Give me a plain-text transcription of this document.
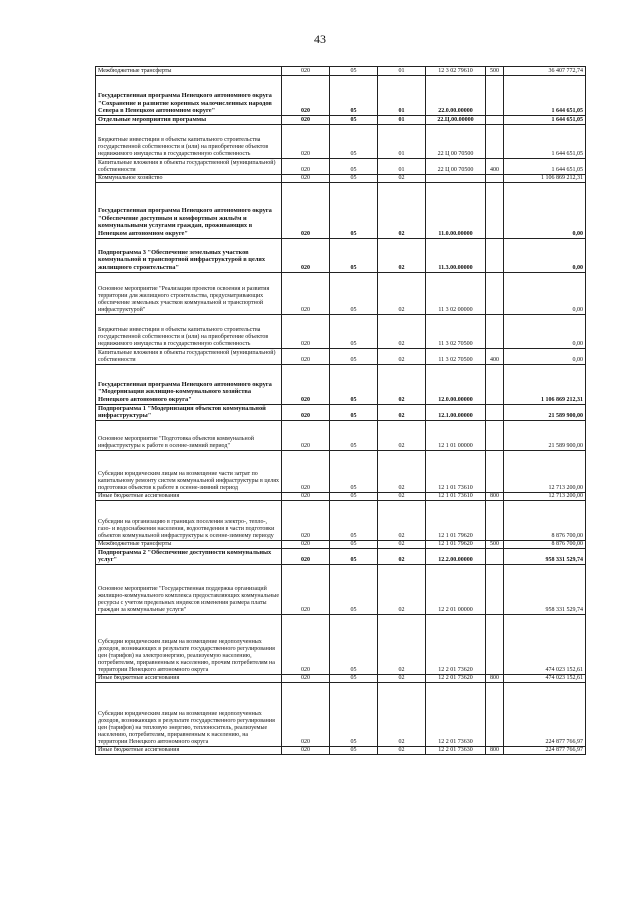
43
Межбюджетные трансферты	020	05	01	12 3 02 79610	500	36 407 772,74
Государственная программа Ненецкого автономного округа "Сохранение и развитие коренных малочисленных народов Севера в Ненецком автономном округе"	020	05	01	22.0.00.00000		1 644 651,05
Отдельные мероприятия программы	020	05	01	22.Ц.00.00000		1 644 651,05
Бюджетные инвестиции в объекты капитального строительства государственной собственности и (или) на приобретение объектов недвижимого имущества в государственную собственность	020	05	01	22 Ц 00 70500		1 644 651,05
Капитальные вложения в объекты государственной (муниципальной) собственности	020	05	01	22 Ц 00 70500	400	1 644 651,05
Коммунальное хозяйство	020	05	02			1 106 869 212,31
Государственная программа Ненецкого автономного округа "Обеспечение доступным и комфортным жильём и коммунальными услугами граждан, проживающих в Ненецком автономном округе"	020	05	02	11.0.00.00000		0,00
Подпрограмма 3 "Обеспечение земельных участков коммунальной и транспортной инфраструктурой в целях жилищного строительства"	020	05	02	11.3.00.00000		0,00
Основное мероприятие "Реализация проектов освоения и развития территории для жилищного строительства, предусматривающих обеспечение земельных участков коммунальной и транспортной инфраструктурой"	020	05	02	11 3 02 00000		0,00
Бюджетные инвестиции в объекты капитального строительства государственной собственности и (или) на приобретение объектов недвижимого имущества в государственную собственность	020	05	02	11 3 02 70500		0,00
Капитальные вложения в объекты государственной (муниципальной) собственности	020	05	02	11 3 02 70500	400	0,00
Государственная программа Ненецкого автономного округа "Модернизация жилищно-коммунального хозяйства Ненецкого автономного округа"	020	05	02	12.0.00.00000		1 106 869 212,31
Подпрограмма 1 "Модернизация объектов коммунальной инфраструктуры"	020	05	02	12.1.00.00000		21 589 900,00
Основное мероприятие "Подготовка объектов коммунальной инфраструктуры к работе в осенне-зимний период"	020	05	02	12 1 01 00000		21 589 900,00
Субсидии юридическим лицам на возмещение части затрат по капитальному ремонту систем коммунальной инфраструктуры в целях подготовки объектов к работе в осенне-зимний период	020	05	02	12 1 01 73610		12 713 200,00
Иные бюджетные ассигнования	020	05	02	12 1 01 73610	800	12 713 200,00
Субсидии на организацию в границах поселения электро-, тепло-, газо- и водоснабжения населения, водоотведения в части подготовки объектов коммунальной инфраструктуры к осенне-зимнему периоду	020	05	02	12 1 01 79620		8 876 700,00
Межбюджетные трансферты	020	05	02	12 1 01 79620	500	8 876 700,00
Подпрограмма 2 "Обеспечение доступности коммунальных услуг"	020	05	02	12.2.00.00000		958 331 529,74
Основное мероприятие "Государственная поддержка организаций жилищно-коммунального комплекса предоставляющих коммунальные ресурсы с учетом предельных индексов изменения размера платы граждан за коммунальные услуги"	020	05	02	12 2 01 00000		958 331 529,74
Субсидии юридическим лицам на возмещение недополученных доходов, возникающих в результате государственного регулирования цен (тарифов) на электроэнергию, реализуемую населению, потребителям, приравненным к населению, прочим потребителям на территории Ненецкого автономного округа	020	05	02	12 2 01 73620		474 023 152,61
Иные бюджетные ассигнования	020	05	02	12 2 01 73620	800	474 023 152,61
Субсидии юридическим лицам на возмещение недополученных доходов, возникающих в результате государственного регулирования цен (тарифов) на тепловую энергию, теплоноситель, реализуемые населению, потребителям, приравненным к населению, на территории Ненецкого автономного округа	020	05	02	12 2 01 73630		224 877 766,97
Иные бюджетные ассигнования	020	05	02	12 2 01 73630	800	224 877 766,97
